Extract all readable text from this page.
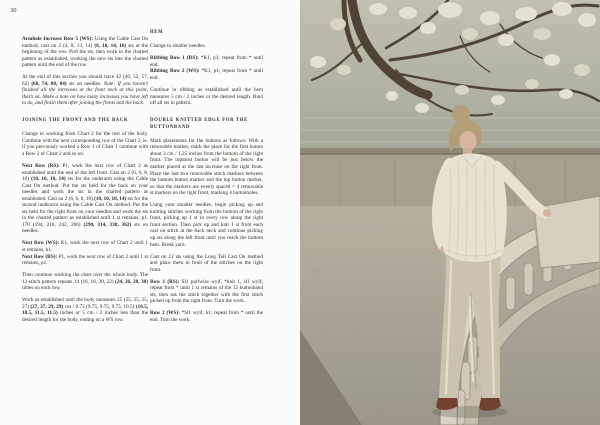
30

Armhole Increase Row 5 (WS): Using the Cable Cast On method, cast on 2 (4, 8, 13, 14) (8, 10, 14, 16) sts at the beginning of the row. Purl the sts, then work in the charted pattern as established, working the new sts into the charted pattern until the end of the row.

At the end of this section you should have 42 (46, 52, 57, 62) (68, 74, 80, 84) sts on needles. Note: If you haven’t finished all the increases at the front neck at this point, that’s ok. Make a note on how many increases you have left to do, and finish them after joining the fronts and the back.

JOINING THE FRONT AND THE BACK

Change to working from Chart 2 for the rest of the body. Continue with the next corresponding row of the Chart 2, ie. if you previously worked a Row 1 of Chart 1 continue with a Row 2 of Chart 2 and so on.

Next Row (RS): P1, work the next row of Chart 2 as established until the end of the left front. Cast on 2 (6, 6, 8, 10) (10, 10, 10, 14) sts for the underarm using the Cable Cast On method. Put the sts held for the back on your needles and work the sts in the charted pattern as established. Cast on 2 (6, 6, 8, 10) (10, 10, 10, 14) sts for the second underarm using the Cable Cast On method. Put the sts held for the right front on your needles and work the sts in the charted pattern as established until 1 st remains, p1. 170 (194, 218, 242, 266) (290, 314, 338, 362) sts on needles.

Next Row (WS): K1, work the next row of Chart 2 until 1 st remains, k1.
Next Row (RS): P1, work the next row of Chart 2 until 1 st remains, p1.

Then continue working the chart over the whole body. The 12-stitch pattern repeats 14 (16, 18, 20, 22) (24, 26, 28, 30) times on each row.

Work as established until the body measures 25 (25, 25, 25, 27) (27, 27, 29, 29) cm / 9.75 (9.75, 9.75, 9.75, 10.5) (10.5, 10.5, 11.5, 11.5) inches or 5 cm / 2 inches less than the desired length for the body, ending on a WS row.

HEM

Change to smaller needles.

Ribbing Row 1 (RS): *K1, p1; repeat from * until end.
Ribbing Row 2 (WS): *K1, p1; repeat from * until end.

Continue in ribbing as established until the hem measures 5 cm / 2 inches or the desired length. Bind off all sts in pattern.

DOUBLE KNITTED EDGE FOR THE BUTTONBAND

Mark placements for the buttons as follows: With a removable marker, mark the place for the first button about 3 cm / 1.25 inches from the bottom of the right front. The topmost button will be just below the marker placed at the last increase on the right front. Place the last two removable stitch markers between the bottom button marker and the top button marker, so that the markers are evenly spaced = 4 removable st markers on the right front, marking 4 buttonholes.

Using your smaller needles, begin picking up and knitting stitches working from the bottom of the right front, picking up 1 st in every row along the right front section. Then pick up and knit 1 st from each cast on stitch at the back neck and continue picking up sts along the left front until you reach the bottom hem. Break yarn.

Cast on 12 sts using the Long Tail Cast On method and place them in front of the stitches on the right front.

Row 1 (RS): Sl1 purlwise wyif, *knit 1, sl1 wyif; repeat from * until 1 st remains of the 12 buttonband sts, then ssk the stitch together with the first stitch picked up from the right front. Turn the work.

Row 2 (WS): *Sl1 wyif, k1; repeat from * until the end. Turn the work.
